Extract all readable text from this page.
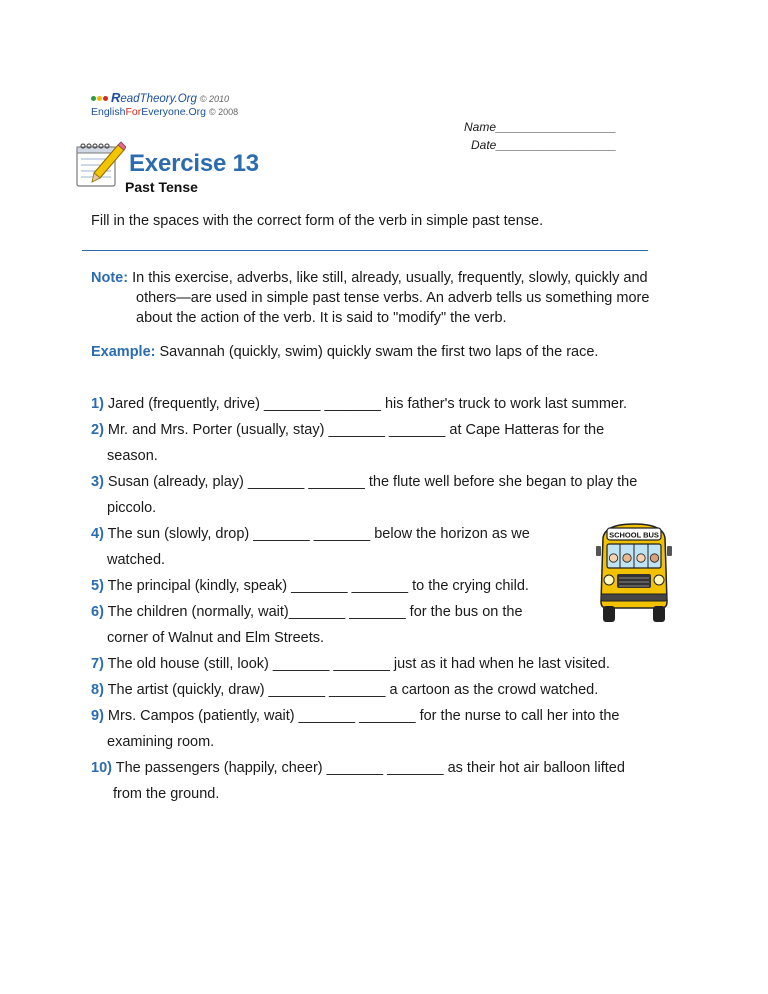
ReadTheory.Org © 2010
EnglishForEveryone.Org © 2008
Name__________________
Date__________________
Exercise 13
Past Tense
Fill in the spaces with the correct form of the verb in simple past tense.
Note: In this exercise, adverbs, like still, already, usually, frequently, slowly, quickly and
others—are used in simple past tense verbs. An adverb tells us something more
about the action of the verb. It is said to "modify" the verb.
Example: Savannah (quickly, swim) quickly swam the first two laps of the race.
1) Jared (frequently, drive) _______ _______ his father's truck to work last summer.
2) Mr. and Mrs. Porter (usually, stay) _______ _______ at Cape Hatteras for the
season.
3) Susan (already, play) _______ _______ the flute well before she began to play the
piccolo.
4) The sun (slowly, drop) _______ _______ below the horizon as we
watched.
5) The principal (kindly, speak) _______ _______ to the crying child.
6) The children (normally, wait)_______ _______ for the bus on the
corner of Walnut and Elm Streets.
7) The old house (still, look) _______ _______ just as it had when he last visited.
8) The artist (quickly, draw) _______ _______ a cartoon as the crowd watched.
9) Mrs. Campos (patiently, wait) _______ _______ for the nurse to call her into the
examining room.
10) The passengers (happily, cheer) _______ _______ as their hot air balloon lifted
from the ground.
SCHOOL BUS
